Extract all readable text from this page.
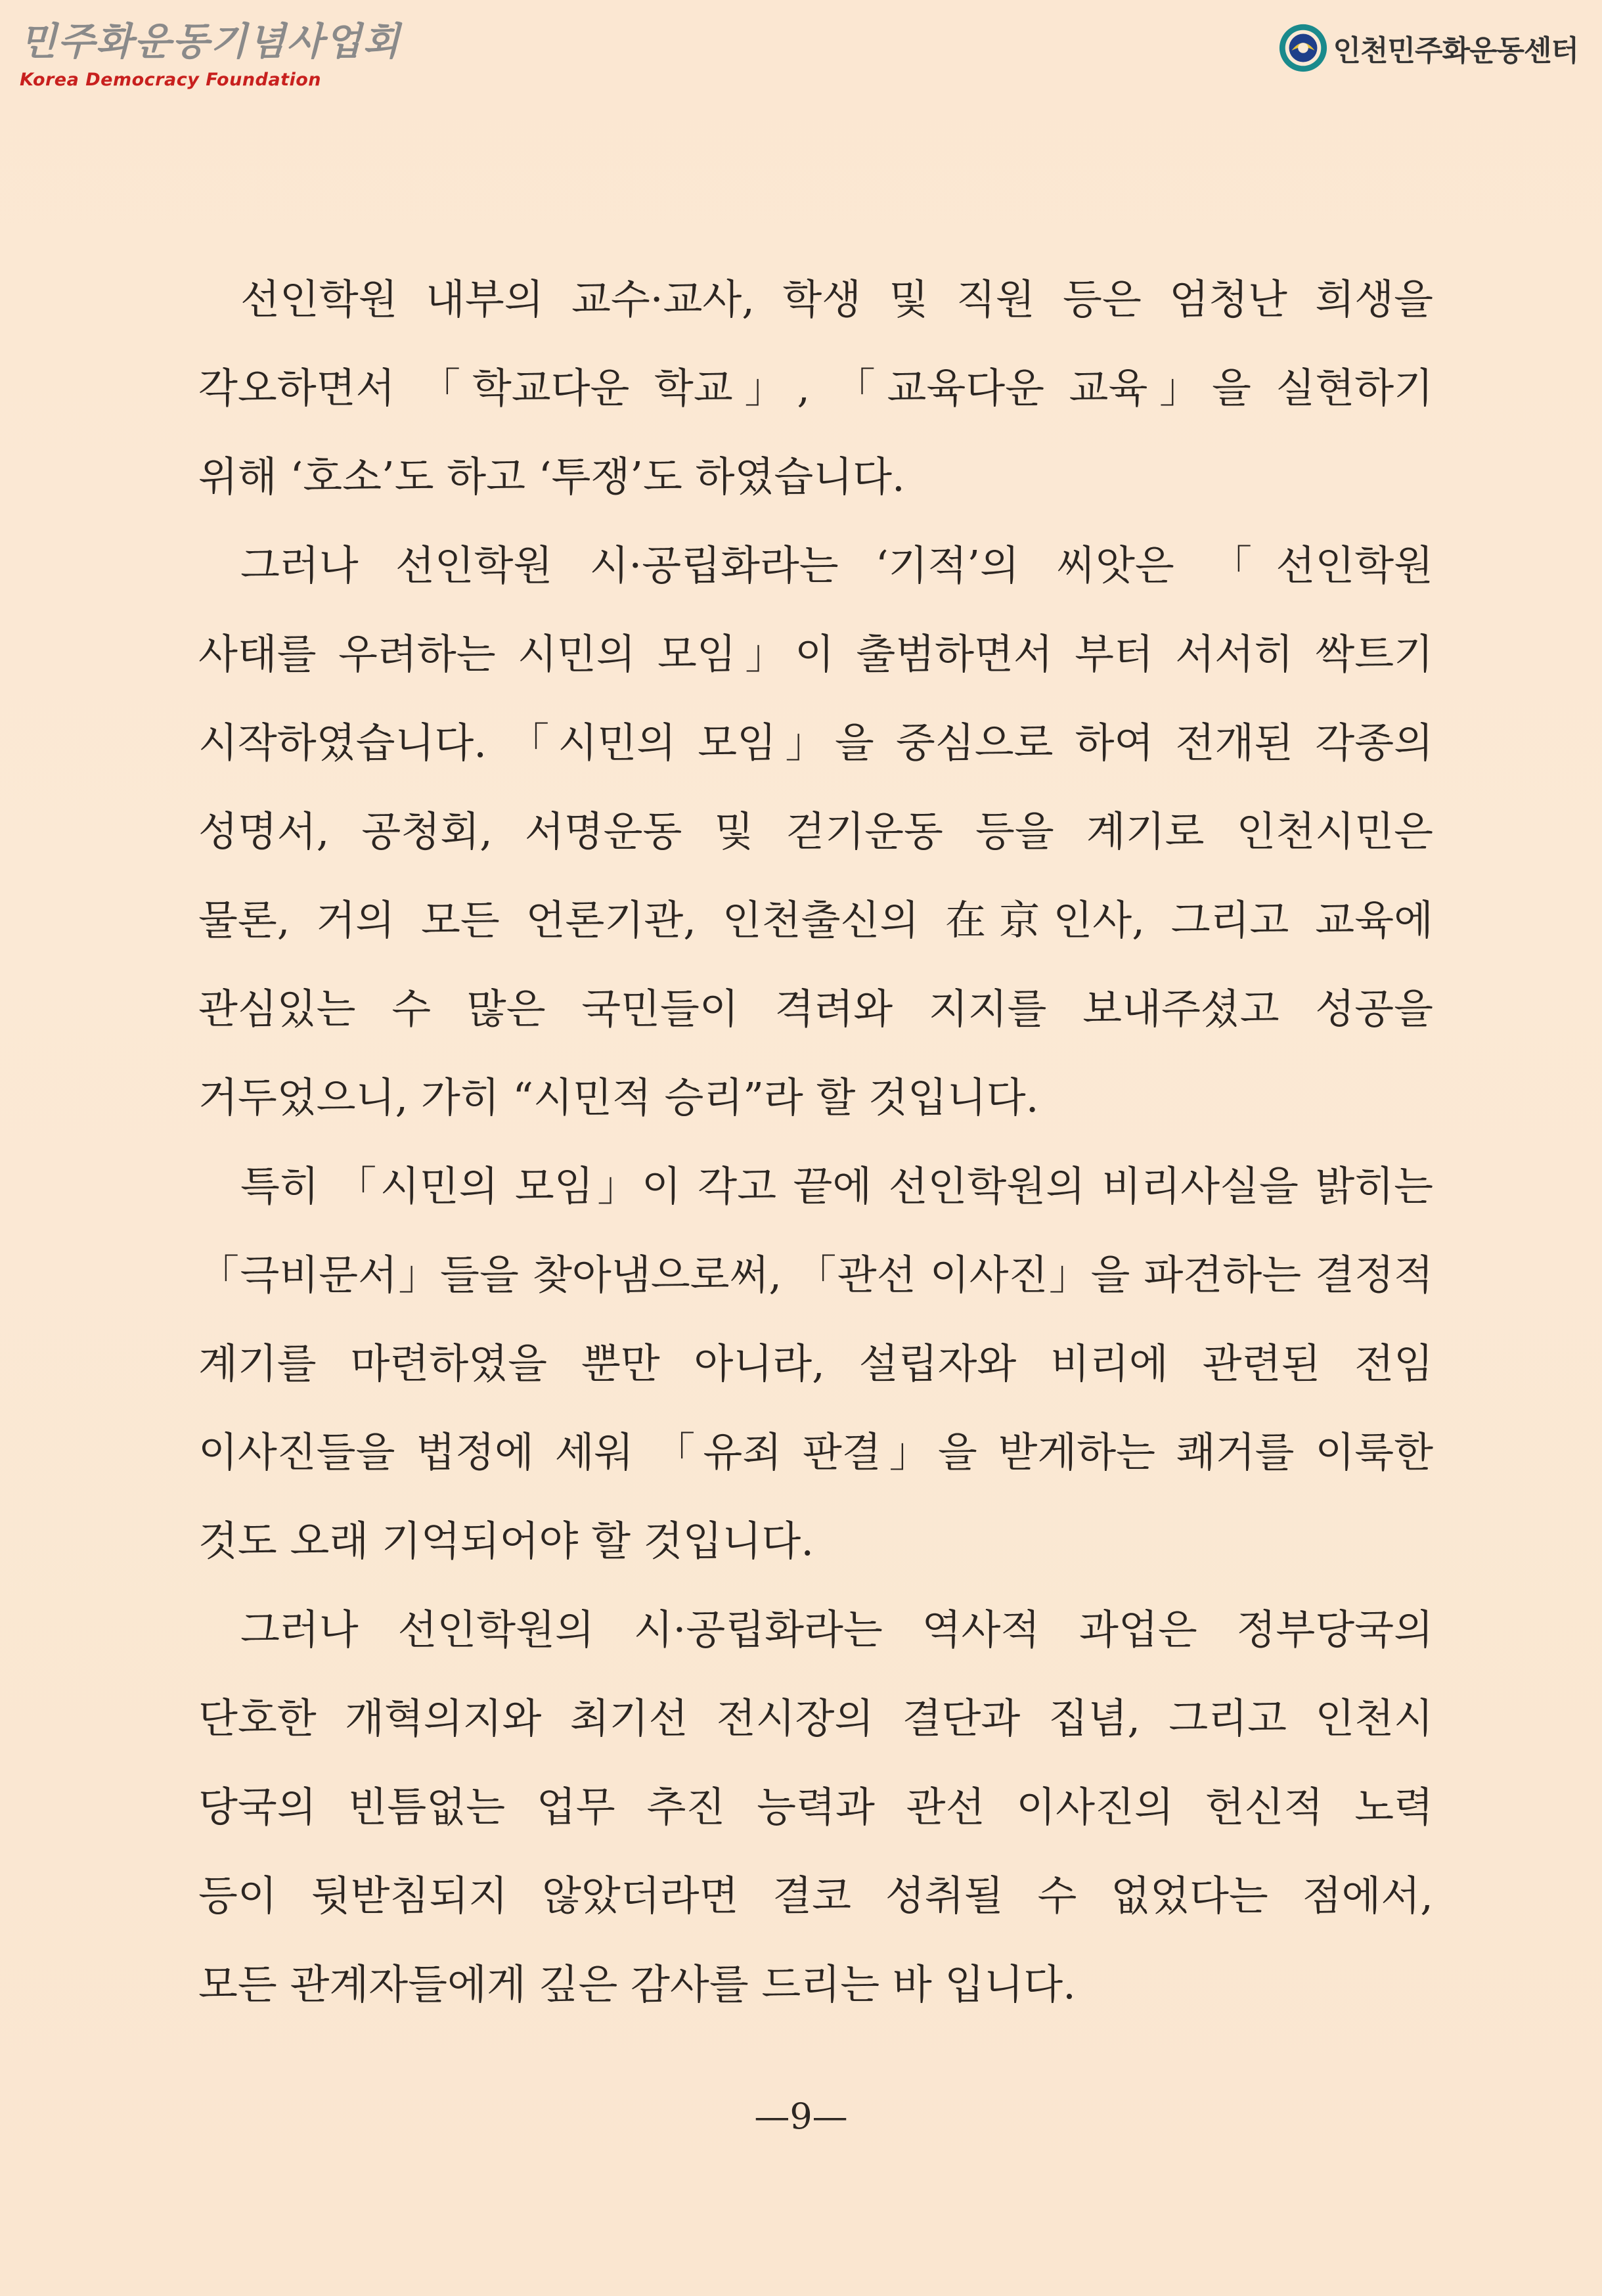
민주화운동기념사업회
Korea Democracy Foundation
인천민주화운동센터
선인학원 내부의 교수·교사, 학생 및 직원 등은 엄청난 희생을
각오하면서 「학교다운 학교」, 「교육다운 교육」을 실현하기
위해 ‘호소’도 하고 ‘투쟁’도 하였습니다.
그러나 선인학원 시·공립화라는 ‘기적’의 씨앗은 「선인학원
사태를 우려하는 시민의 모임」이 출범하면서 부터 서서히 싹트기
시작하였습니다. 「시민의 모임」을 중심으로 하여 전개된 각종의
성명서, 공청회, 서명운동 및 걷기운동 등을 계기로 인천시민은
물론, 거의 모든 언론기관, 인천출신의 在京인사, 그리고 교육에
관심있는 수 많은 국민들이 격려와 지지를 보내주셨고 성공을
거두었으니, 가히 “시민적 승리”라 할 것입니다.
특히 「시민의 모임」이 각고 끝에 선인학원의 비리사실을 밝히는
「극비문서」들을 찾아냄으로써, 「관선 이사진」을 파견하는 결정적
계기를 마련하였을 뿐만 아니라, 설립자와 비리에 관련된 전임
이사진들을 법정에 세워 「유죄 판결」을 받게하는 쾌거를 이룩한
것도 오래 기억되어야 할 것입니다.
그러나 선인학원의 시·공립화라는 역사적 과업은 정부당국의
단호한 개혁의지와 최기선 전시장의 결단과 집념, 그리고 인천시
당국의 빈틈없는 업무 추진 능력과 관선 이사진의 헌신적 노력
등이 뒷받침되지 않았더라면 결코 성취될 수 없었다는 점에서,
모든 관계자들에게 깊은 감사를 드리는 바 입니다.
—9—
